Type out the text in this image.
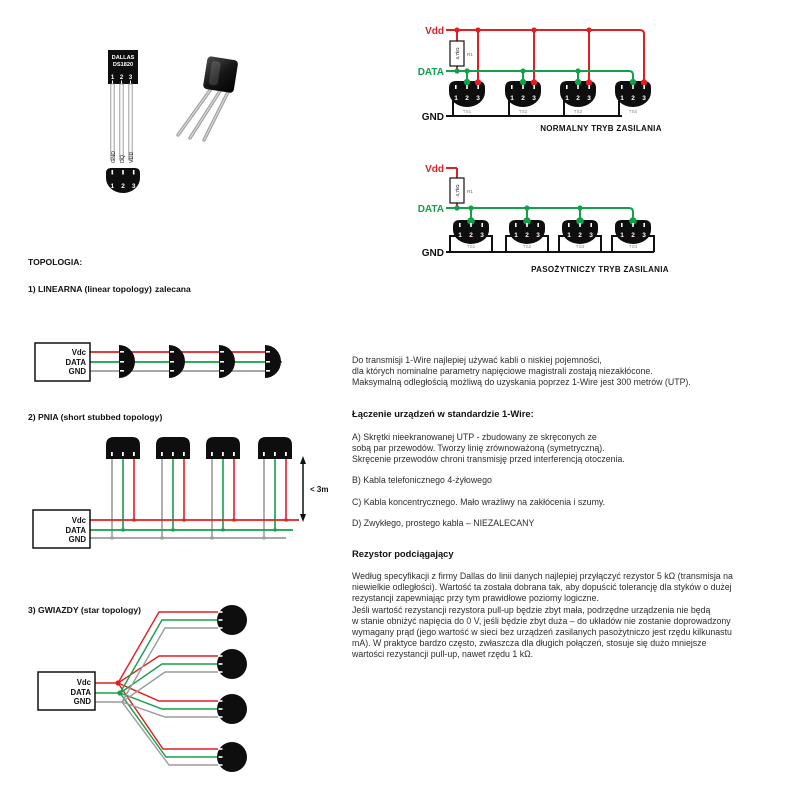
DALLAS
DS1820
1 2 3
GND DQ VDD
1 2 3
Vdd
DATA
GND
4,7kΩ R1
1 2 3
TS1
1 2 3
TS2
1 2 3
TS3
1 2 3
TS4
NORMALNY TRYB ZASILANIA
Vdd
DATA
GND
4,7kΩ R1
1 2 3
TS1
1 2 3
TS2
1 2 3
TS3
1 2 3
TS4
PASOŻYTNICZY TRYB ZASILANIA
TOPOLOGIA:
1) LINEARNA (linear topology) zalecana
2) PNIA (short stubbed topology)
3) GWIAZDY (star topology)
Vdc
DATA
GND
Vdc
DATA
GND
< 3m
Vdc
DATA
GND
Do transmisji 1-Wire najlepiej używać kabli o niskiej pojemności,
dla których nominalne parametry napięciowe magistrali zostają niezakłócone.
Maksymalną odległością możliwą do uzyskania poprzez 1-Wire jest 300 metrów (UTP).
Łączenie urządzeń w standardzie 1-Wire:
A) Skrętki nieekranowanej UTP - zbudowany ze skręconych ze
sobą par przewodów. Tworzy linię zrównoważoną (symetryczną).
Skręcenie przewodów chroni transmisję przed interferencją otoczenia.
B) Kabla telefonicznego 4-żyłowego
C) Kabla koncentrycznego. Mało wrażliwy na zakłócenia i szumy.
D) Zwykłego, prostego kabla – NIEZALECANY
Rezystor podciągający
Według specyfikacji z firmy Dallas do linii danych najlepiej przyłączyć rezystor 5 kΩ (transmisja na
niewielkie odległości). Wartość ta została dobrana tak, aby dopuścić tolerancję dla styków o dużej
rezystancji zapewniając przy tym prawidłowe poziomy logiczne.
Jeśli wartość rezystancji rezystora pull-up będzie zbyt mała, podrzędne urządzenia nie będą
w stanie obniżyć napięcia do 0 V, jeśli będzie zbyt duża – do układów nie zostanie doprowadzony
wymagany prąd (jego wartość w sieci bez urządzeń zasilanych pasożytniczo jest rzędu kilkunastu
mA). W praktyce bardzo często, zwłaszcza dla długich połączeń, stosuje się dużo mniejsze
wartości rezystancji pull-up, nawet rzędu 1 kΩ.
